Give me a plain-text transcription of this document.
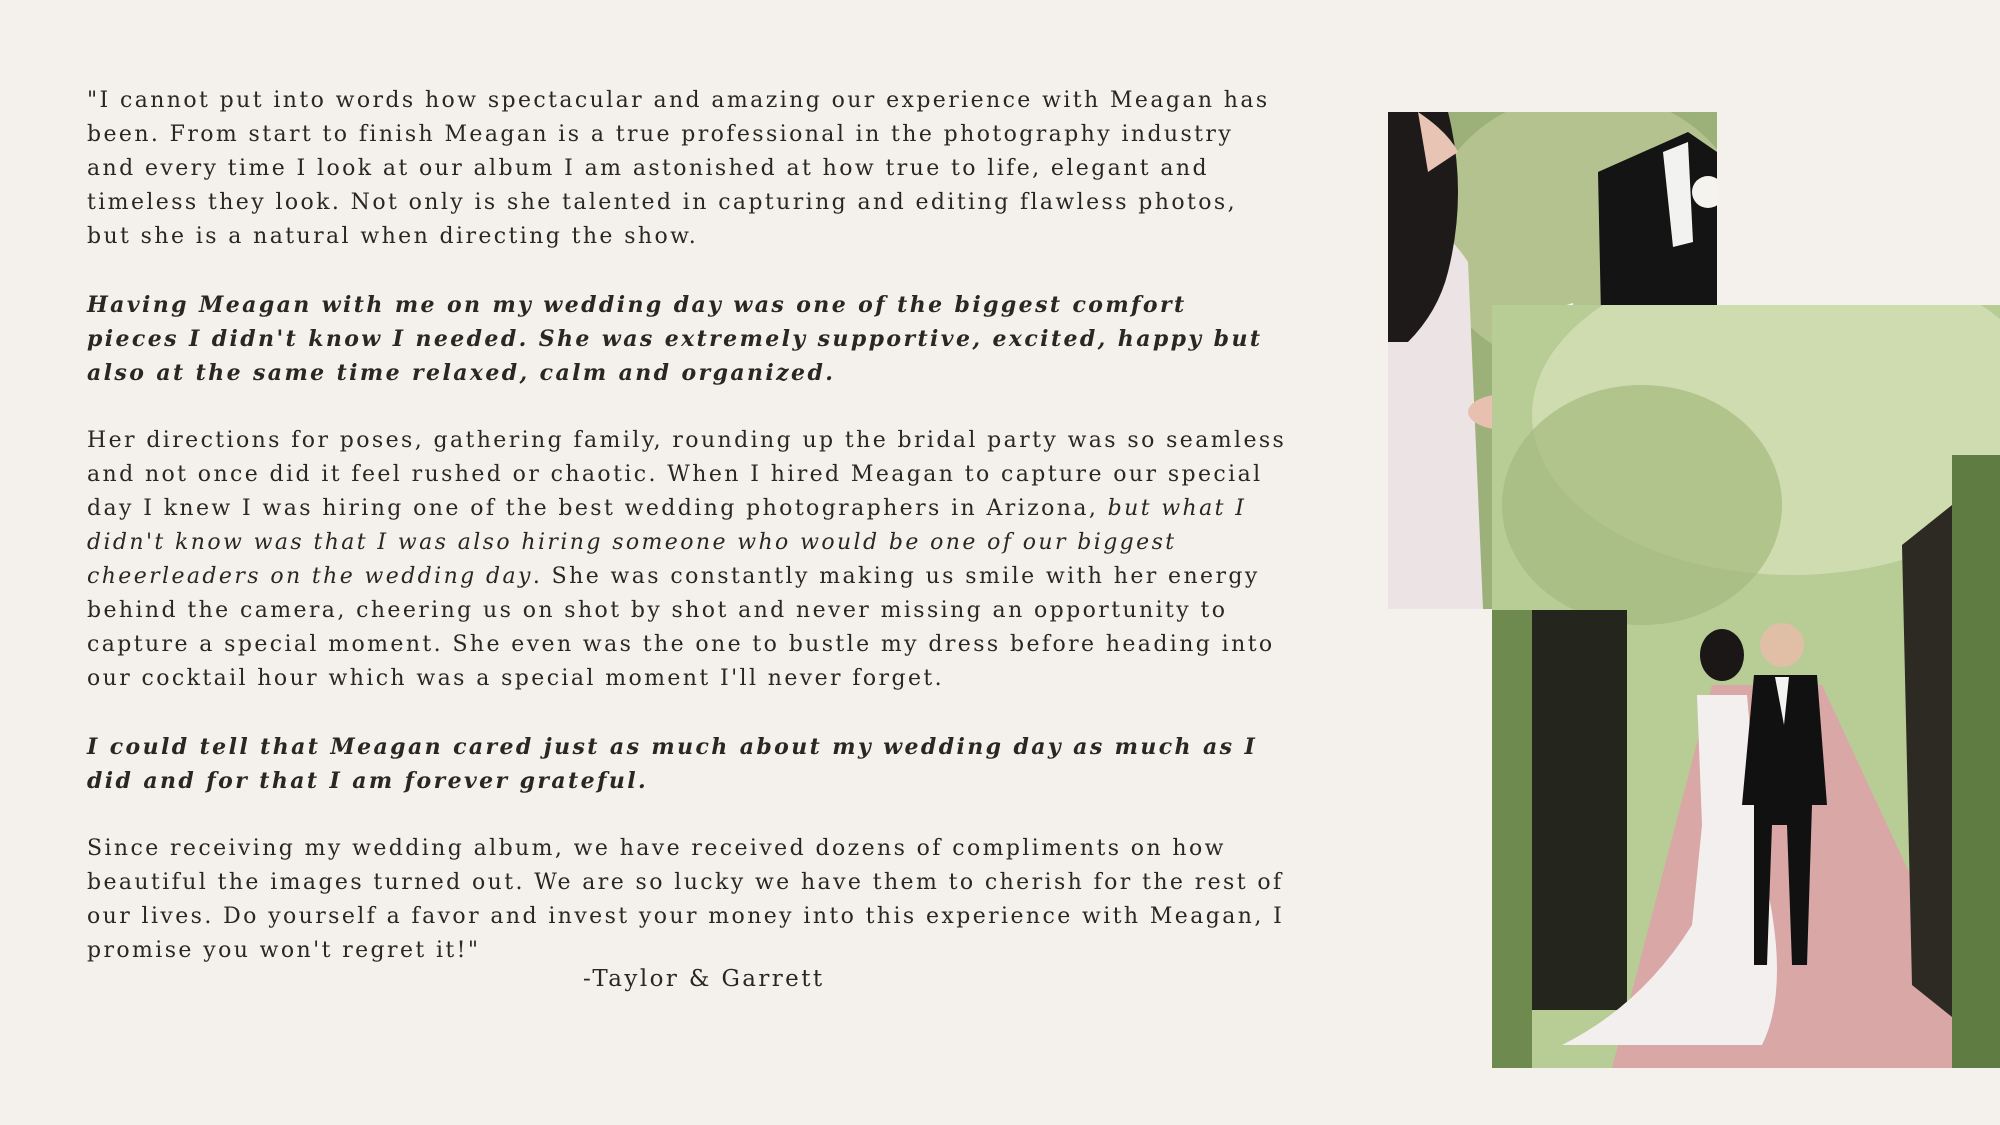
"I cannot put into words how spectacular and amazing our experience with Meagan has been. From start to finish Meagan is a true professional in the photography industry and every time I look at our album I am astonished at how true to life, elegant and timeless they look. Not only is she talented in capturing and editing flawless photos, but she is a natural when directing the show.

Having Meagan with me on my wedding day was one of the biggest comfort pieces I didn't know I needed. She was extremely supportive, excited, happy but also at the same time relaxed, calm and organized.

Her directions for poses, gathering family, rounding up the bridal party was so seamless and not once did it feel rushed or chaotic. When I hired Meagan to capture our special day I knew I was hiring one of the best wedding photographers in Arizona, but what I didn't know was that I was also hiring someone who would be one of our biggest cheerleaders on the wedding day. She was constantly making us smile with her energy behind the camera, cheering us on shot by shot and never missing an opportunity to capture a special moment. She even was the one to bustle my dress before heading into our cocktail hour which was a special moment I'll never forget.

I could tell that Meagan cared just as much about my wedding day as much as I did and for that I am forever grateful.

Since receiving my wedding album, we have received dozens of compliments on how beautiful the images turned out. We are so lucky we have them to cherish for the rest of our lives. Do yourself a favor and invest your money into this experience with Meagan, I promise you won't regret it!"

-Taylor & Garrett
